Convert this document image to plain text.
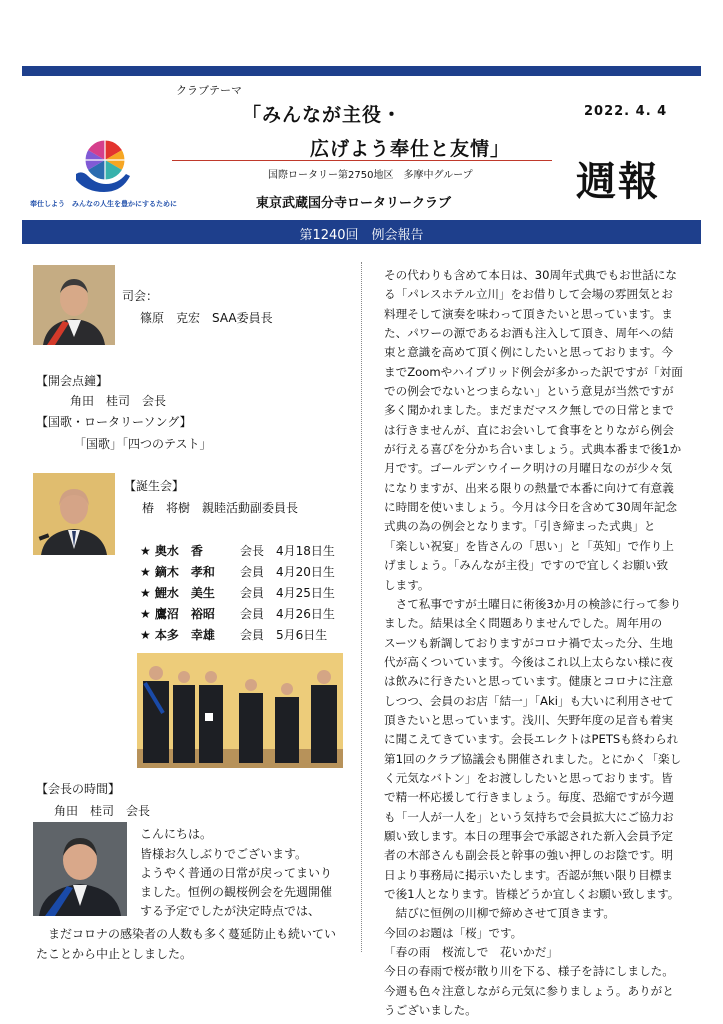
クラブテーマ
「みんなが主役・
広げよう奉仕と友情」
2022. 4. 4
国際ロータリー第2750地区　多摩中グループ	週報
東京武蔵国分寺ロータリークラブ
奉仕しよう　みんなの人生を豊かにするために
第1240回　例会報告
司会：
篠原　克宏　SAA委員長
【開会点鐘】
角田　桂司　会長
【国歌・ロータリーソング】
「国歌」「四つのテスト」
【誕生会】
椿　将樹　親睦活動副委員長
★ 奥水　香	会長 4月18日生
★ 鏑木　孝和 会員 4月20日生
★ 鯉水　美生 会員 4月25日生
★ 鷹沼　裕昭 会員 4月26日生
★ 本多　幸雄 会員 5月6日生
【会長の時間】
角田　桂司　会長
こんにちは。
皆様お久しぶりでございます。
ようやく普通の日常が戻ってまいり
ました。恒例の観桜例会を先週開催
する予定でしたが決定時点では、
　まだコロナの感染者の人数も多く蔓延防止も続いてい
たことから中止としました。

その代わりも含めて本日は、30周年式典でもお世話にな

る「パレスホテル立川」をお借りして会場の雰囲気とお

料理そして演奏を味わって頂きたいと思っています。ま

た、パワーの源であるお酒も注入して頂き、周年への結

束と意識を高めて頂く例にしたいと思っております。今

までZoomやハイブリッド例会が多かった訳ですが「対面

での例会でないとつまらない」という意見が当然ですが

多く聞かれました。まだまだマスク無しでの日常とまで

は行きませんが、直にお会いして食事をとりながら例会

が行える喜びを分かち合いましょう。式典本番まで後1か

月です。ゴールデンウイーク明けの月曜日なのが少々気

になりますが、出来る限りの熱量で本番に向けて有意義

に時間を使いましょう。今月は今日を含めて30周年記念

式典の為の例会となります。「引き締まった式典」と

「楽しい祝宴」を皆さんの「思い」と「英知」で作り上

げましょう。「みんなが主役」ですので宜しくお願い致

します。

　さて私事ですが土曜日に術後3か月の検診に行って参り

ました。結果は全く問題ありませんでした。周年用の

スーツも新調しておりますがコロナ禍で太った分、生地

代が高くついています。今後はこれ以上太らない様に夜

は飲みに行きたいと思っています。健康とコロナに注意

しつつ、会員のお店「結一」「Aki」も大いに利用させて

頂きたいと思っています。浅川、矢野年度の足音も着実

に聞こえてきています。会長エレクトはPETSも終わられ

第1回のクラブ協議会も開催されました。とにかく「楽し

く元気なバトン」をお渡ししたいと思っております。皆

で精一杯応援して行きましょう。毎度、恐縮ですが今週

も「一人が一人を」という気持ちで会員拡大にご協力お

願い致します。本日の理事会で承認された新入会員予定

者の木部さんも副会長と幹事の強い押しのお陰です。明

日より事務局に掲示いたします。否認が無い限り目標ま

で後1人となります。皆様どうか宜しくお願い致します。

　結びに恒例の川柳で締めさせて頂きます。

今回のお題は「桜」です。

「春の雨　桜流しで　花いかだ」

今日の春雨で桜が散り川を下る、様子を詩にしました。

今週も色々注意しながら元気に参りましょう。ありがと

うございました。
